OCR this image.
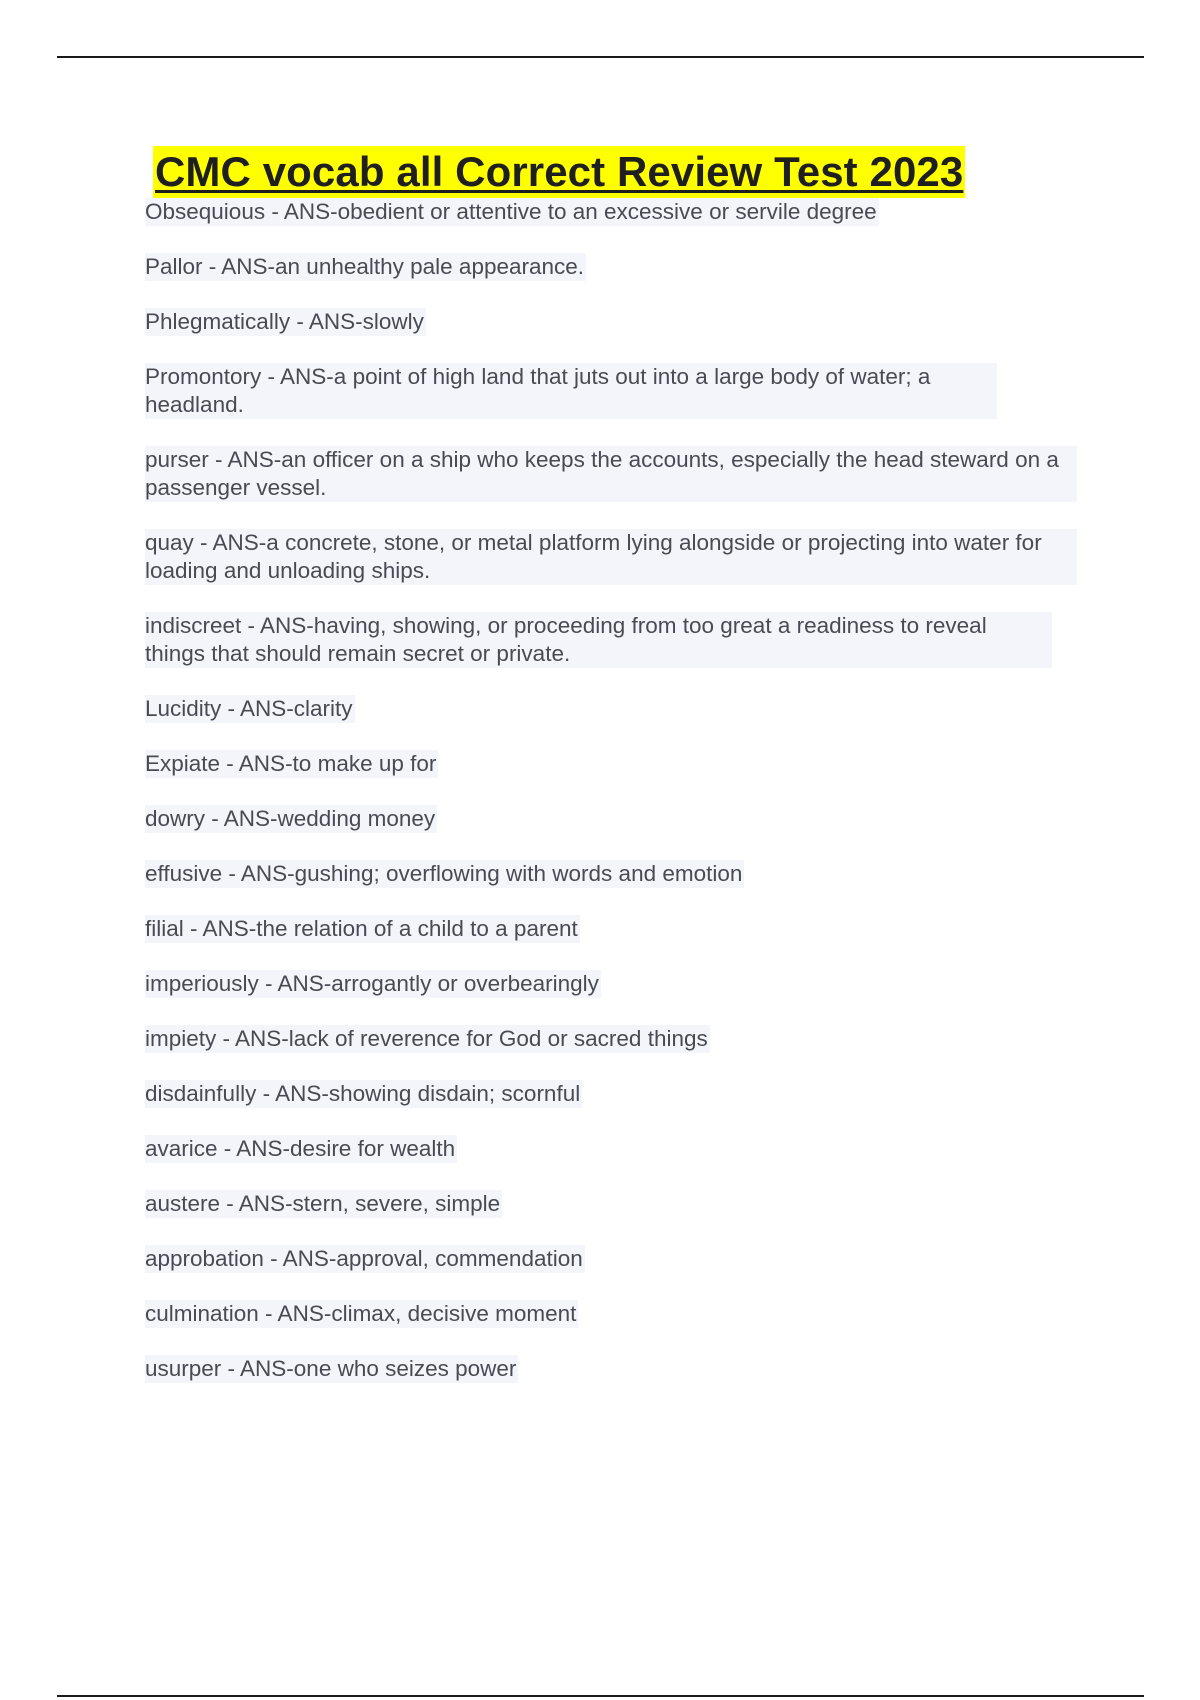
CMC vocab all Correct Review Test 2023
Obsequious - ANS-obedient or attentive to an excessive or servile degree
Pallor - ANS-an unhealthy pale appearance.
Phlegmatically - ANS-slowly
Promontory - ANS-a point of high land that juts out into a large body of water; a headland.
purser - ANS-an officer on a ship who keeps the accounts, especially the head steward on a passenger vessel.
quay - ANS-a concrete, stone, or metal platform lying alongside or projecting into water for loading and unloading ships.
indiscreet - ANS-having, showing, or proceeding from too great a readiness to reveal things that should remain secret or private.
Lucidity - ANS-clarity
Expiate - ANS-to make up for
dowry - ANS-wedding money
effusive - ANS-gushing; overflowing with words and emotion
filial - ANS-the relation of a child to a parent
imperiously - ANS-arrogantly or overbearingly
impiety - ANS-lack of reverence for God or sacred things
disdainfully - ANS-showing disdain; scornful
avarice - ANS-desire for wealth
austere - ANS-stern, severe, simple
approbation - ANS-approval, commendation
culmination - ANS-climax, decisive moment
usurper - ANS-one who seizes power
